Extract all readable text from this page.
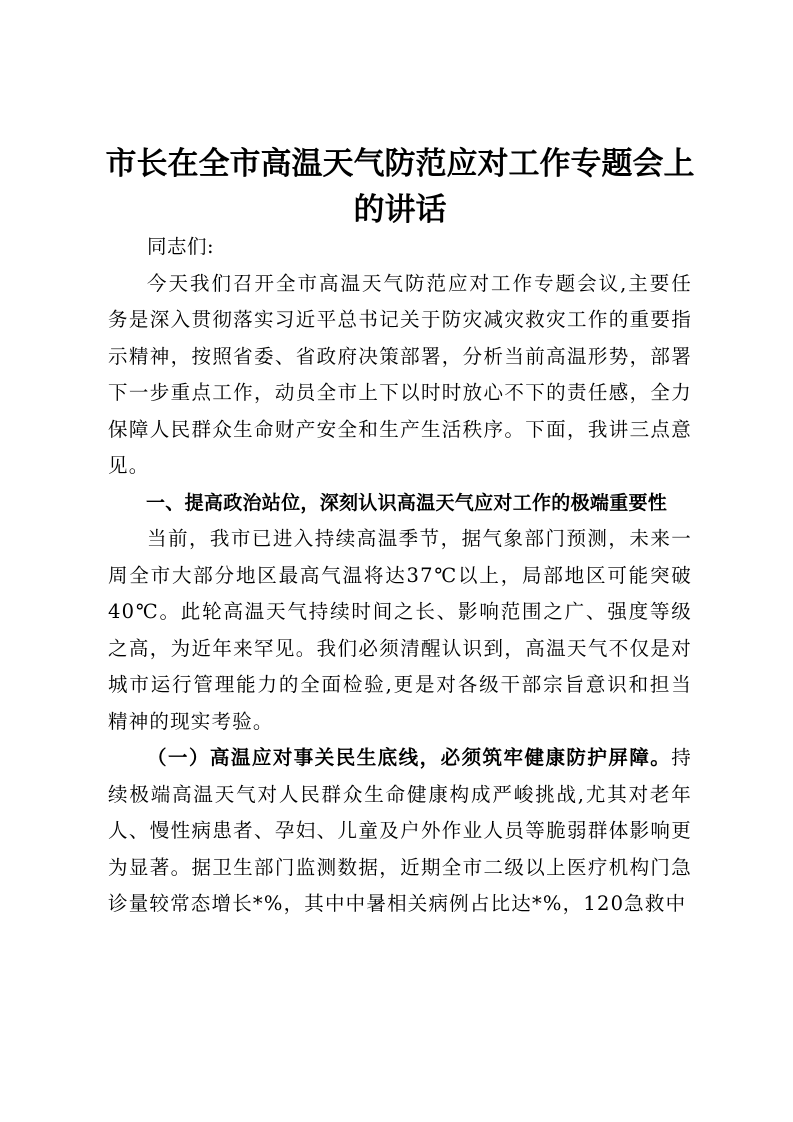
市长在全市高温天气防范应对工作专题会上的讲话

同志们:

今天我们召开全市高温天气防范应对工作专题会议,主要任务是深入贯彻落实习近平总书记关于防灾减灾救灾工作的重要指示精神，按照省委、省政府决策部署，分析当前高温形势，部署下一步重点工作，动员全市上下以时时放心不下的责任感，全力保障人民群众生命财产安全和生产生活秩序。下面，我讲三点意见。

一、提高政治站位，深刻认识高温天气应对工作的极端重要性

当前，我市已进入持续高温季节，据气象部门预测，未来一周全市大部分地区最高气温将达37℃以上，局部地区可能突破40℃。此轮高温天气持续时间之长、影响范围之广、强度等级之高，为近年来罕见。我们必须清醒认识到，高温天气不仅是对城市运行管理能力的全面检验,更是对各级干部宗旨意识和担当精神的现实考验。

（一）高温应对事关民生底线，必须筑牢健康防护屏障。持续极端高温天气对人民群众生命健康构成严峻挑战,尤其对老年人、慢性病患者、孕妇、儿童及户外作业人员等脆弱群体影响更为显著。据卫生部门监测数据，近期全市二级以上医疗机构门急诊量较常态增长*%，其中中暑相关病例占比达*%，120急救中
